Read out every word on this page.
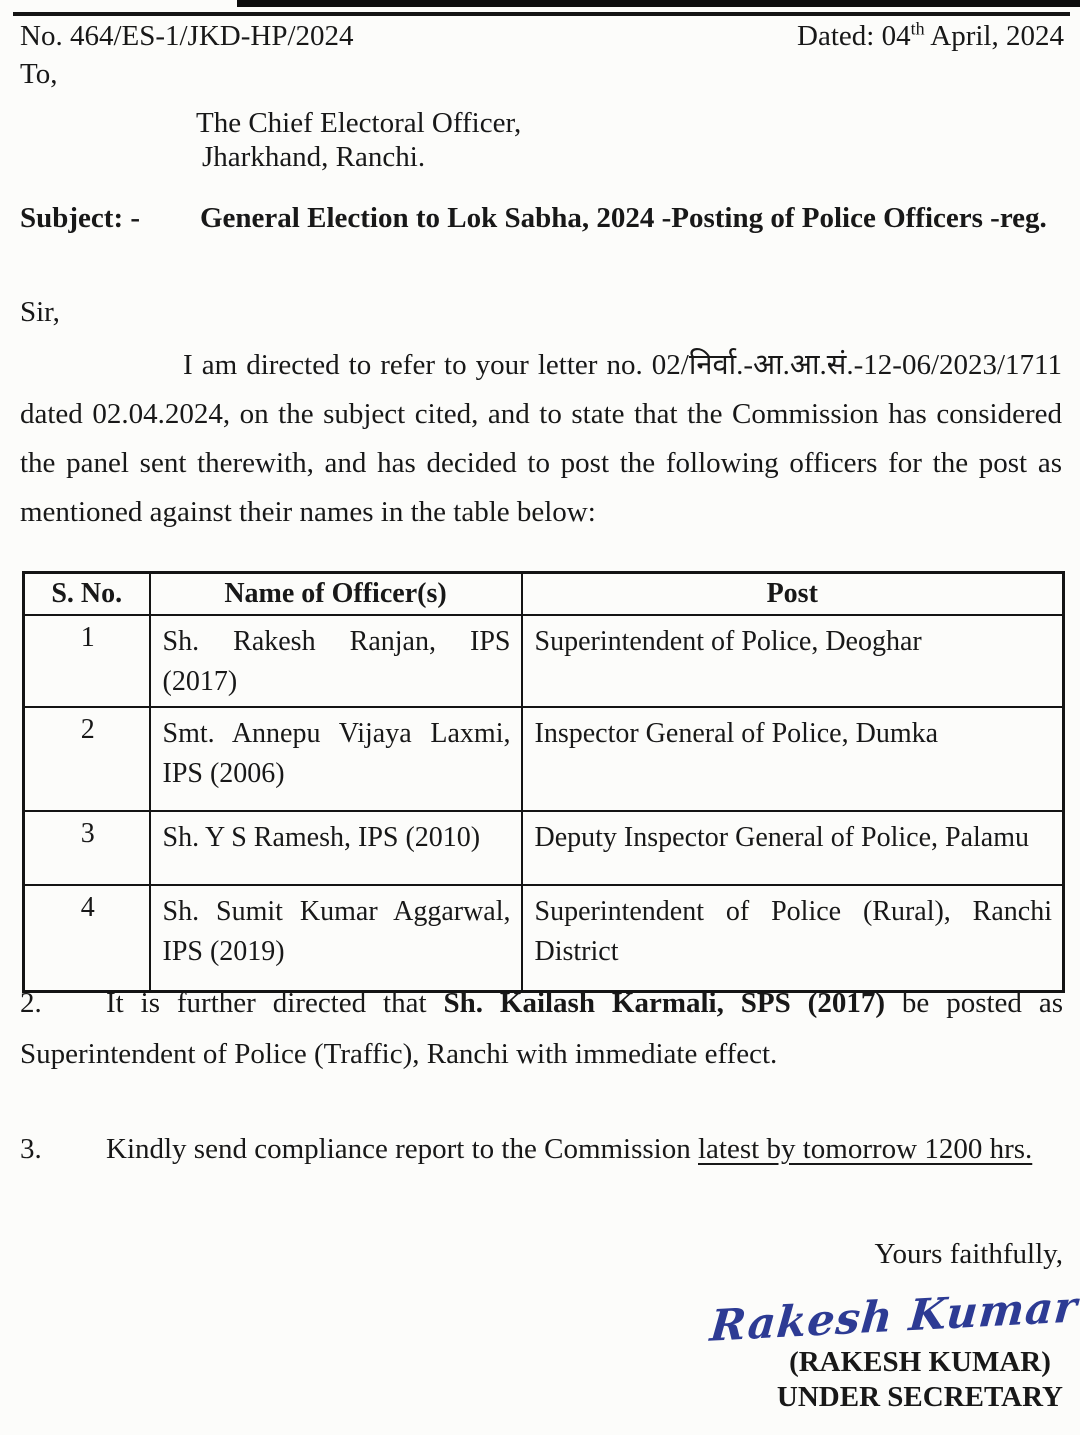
No. 464/ES-1/JKD-HP/2024	Dated: 04th April, 2024
To,
The Chief Electoral Officer,
Jharkhand, Ranchi.
Subject: -	General Election to Lok Sabha, 2024 -Posting of Police Officers -reg.
Sir,
I am directed to refer to your letter no. 02/निर्वा.-आ.आ.सं.-12-06/2023/1711 dated 02.04.2024, on the subject cited, and to state that the Commission has considered the panel sent therewith, and has decided to post the following officers for the post as mentioned against their names in the table below:
S. No.	Name of Officer(s)	Post
1	Sh. Rakesh Ranjan, IPS (2017)	Superintendent of Police, Deoghar
2	Smt. Annepu Vijaya Laxmi, IPS (2006)	Inspector General of Police, Dumka
3	Sh. Y S Ramesh, IPS (2010)	Deputy Inspector General of Police, Palamu
4	Sh. Sumit Kumar Aggarwal, IPS (2019)	Superintendent of Police (Rural), Ranchi District
2. It is further directed that Sh. Kailash Karmali, SPS (2017) be posted as Superintendent of Police (Traffic), Ranchi with immediate effect.
3. Kindly send compliance report to the Commission latest by tomorrow 1200 hrs.
Yours faithfully,
Rakesh Kumar
(RAKESH KUMAR)
UNDER SECRETARY
